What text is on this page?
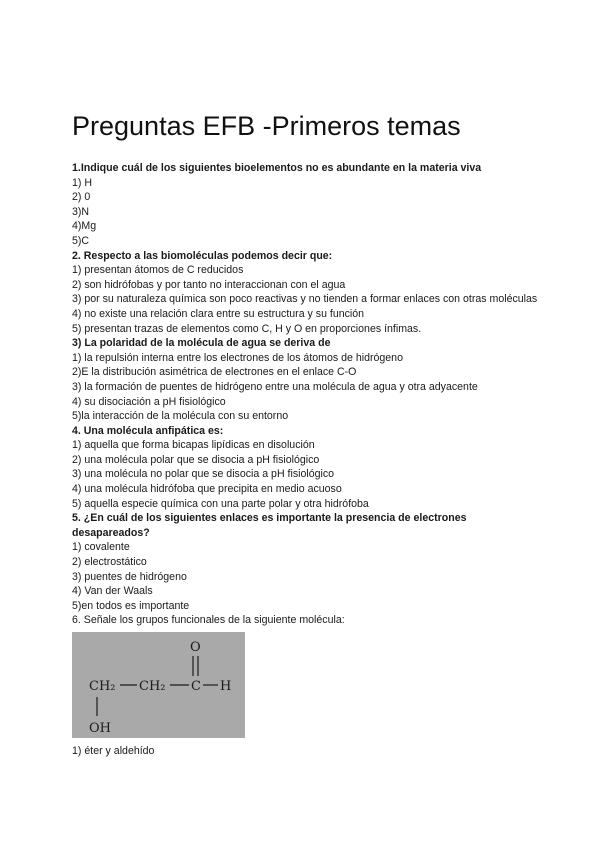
Preguntas EFB -Primeros temas
1.Indique cuál de los siguientes bioelementos no es abundante en la materia viva
1) H
2) 0
3)N
4)Mg
5)C
2. Respecto a las biomoléculas podemos decir que:
1) presentan átomos de C reducidos
2) son hidrófobas y por tanto no interaccionan con el agua
3) por su naturaleza química son poco reactivas y no tienden a formar enlaces con otras moléculas
4) no existe una relación clara entre su estructura y su función
5) presentan trazas de elementos como C, H y O en proporciones ínfimas.
3) La polaridad de la molécula de agua se deriva de
1) la repulsión interna entre los electrones de los átomos de hidrógeno
2)E la distribución asimétrica de electrones en el enlace C-O
3) la formación de puentes de hidrógeno entre una molécula de agua y otra adyacente
4) su disociación a pH fisiológico
5)la interacción de la molécula con su entorno
4. Una molécula anfipática es:
1) aquella que forma bicapas lipídicas en disolución
2) una molécula polar que se disocia a pH fisiológico
3) una molécula no polar que se disocia a pH fisiológico
4) una molécula hidrófoba que precipita en medio acuoso
5) aquella especie química con una parte polar y otra hidrófoba
5. ¿En cuál de los siguientes enlaces es importante la presencia de electrones desapareados?
1) covalente
2) electrostático
3) puentes de hidrógeno
4) Van der Waals
5)en todos es importante
6. Señale los grupos funcionales de la siguiente molécula:
O
CH₂ CH₂ C H
OH
1) éter y aldehído
